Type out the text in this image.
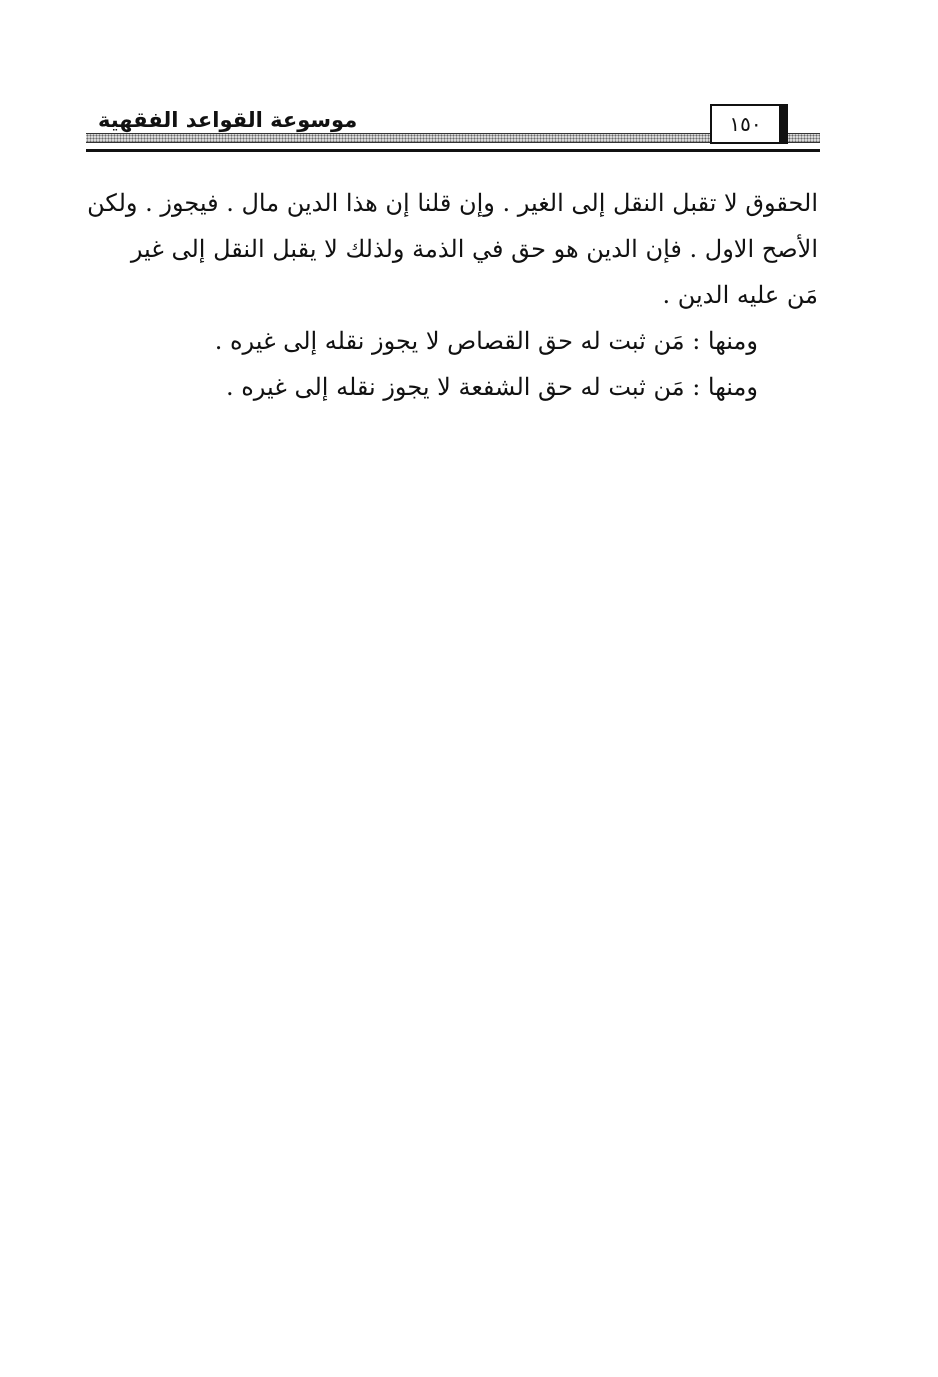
موسوعة القواعد الفقهية	١٥٠
الحقوق لا تقبل النقل إلى الغير . وإن قلنا إن هذا الدين مال . فيجوز . ولكن
الأصح الاول . فإن الدين هو حق في الذمة ولذلك لا يقبل النقل إلى غير
مَن عليه الدين .
ومنها : مَن ثبت له حق القصاص لا يجوز نقله إلى غيره .
ومنها : مَن ثبت له حق الشفعة لا يجوز نقله إلى غيره .
